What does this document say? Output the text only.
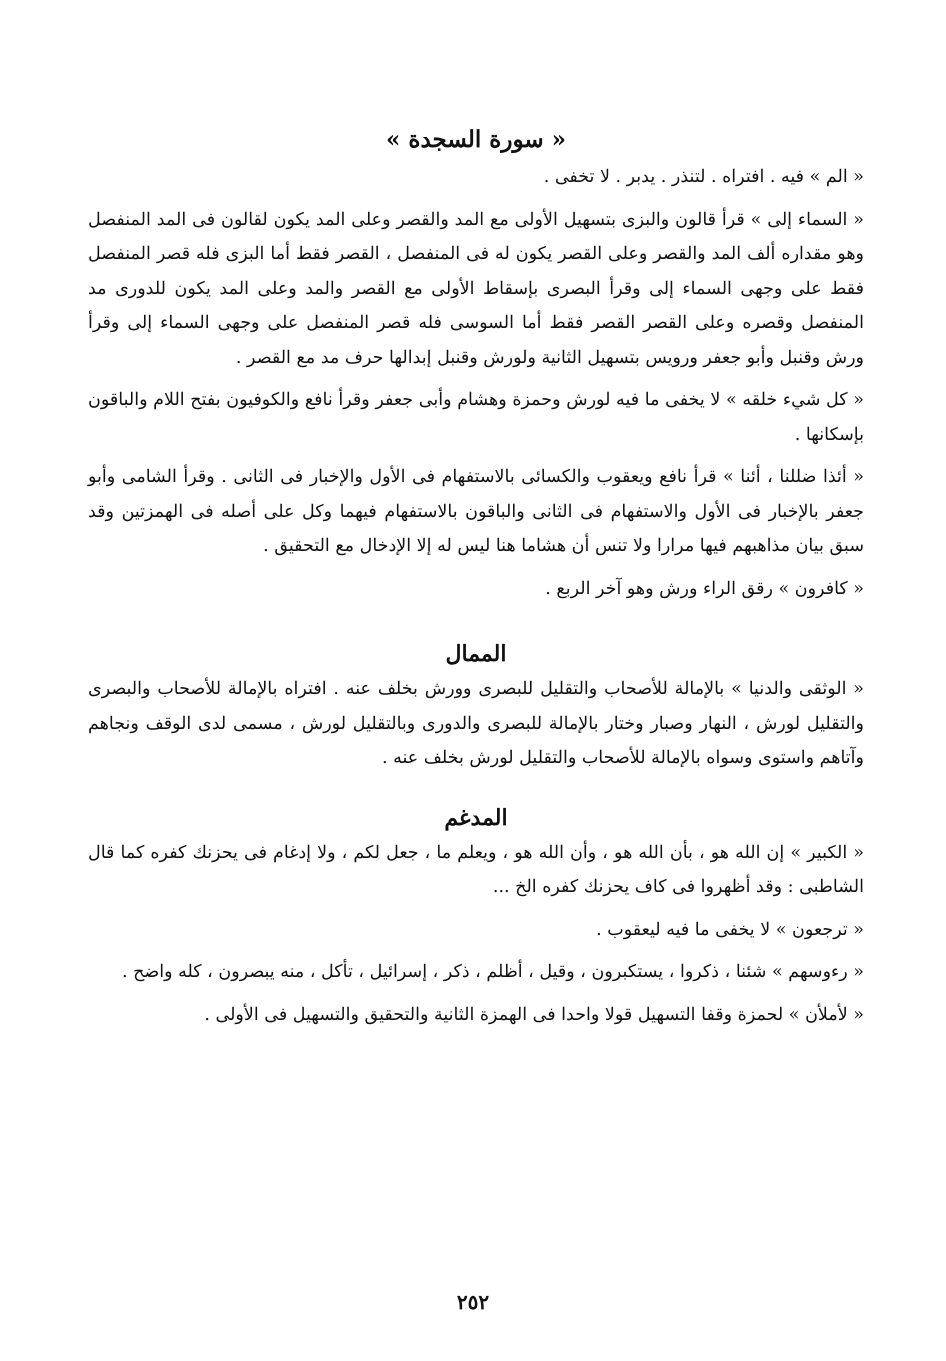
« سورة السجدة »

« الم » فيه . افتراه . لتنذر . يدبر . لا تخفى .

« السماء إلى » قرأ قالون والبزى بتسهيل الأولى مع المد والقصر وعلى المد يكون لقالون فى المد المنفصل وهو مقداره ألف المد والقصر وعلى القصر يكون له فى المنفصل ، القصر فقط أما البزى فله قصر المنفصل فقط على وجهى السماء إلى وقرأ البصرى بإسقاط الأولى مع القصر والمد وعلى المد يكون للدورى مد المنفصل وقصره وعلى القصر القصر فقط أما السوسى فله قصر المنفصل على وجهى السماء إلى وقرأ ورش وقنبل وأبو جعفر ورويس بتسهيل الثانية ولورش وقنبل إبدالها حرف مد مع القصر .

« كل شيء خلقه » لا يخفى ما فيه لورش وحمزة وهشام وأبى جعفر وقرأ نافع والكوفيون بفتح اللام والباقون بإسكانها .

« أئذا ضللنا ، أئنا » قرأ نافع ويعقوب والكسائى بالاستفهام فى الأول والإخبار فى الثانى . وقرأ الشامى وأبو جعفر بالإخبار فى الأول والاستفهام فى الثانى والباقون بالاستفهام فيهما وكل على أصله فى الهمزتين وقد سبق بيان مذاهبهم فيها مرارا ولا تنس أن هشاما هنا ليس له إلا الإدخال مع التحقيق .

« كافرون » رقق الراء ورش وهو آخر الربع .

الممال

« الوثقى والدنيا » بالإمالة للأصحاب والتقليل للبصرى وورش بخلف عنه . افتراه بالإمالة للأصحاب والبصرى والتقليل لورش ، النهار وصبار وختار بالإمالة للبصرى والدورى وبالتقليل لورش ، مسمى لدى الوقف ونجاهم وآتاهم واستوى وسواه بالإمالة للأصحاب والتقليل لورش بخلف عنه .

المدغم

« الكبير » إن الله هو ، بأن الله هو ، وأن الله هو ، ويعلم ما ، جعل لكم ، ولا إدغام فى يحزنك كفره كما قال الشاطبى : وقد أظهروا فى كاف يحزنك كفره الخ ...

« ترجعون » لا يخفى ما فيه ليعقوب .

« رءوسهم » شئنا ، ذكروا ، يستكبرون ، وقيل ، أظلم ، ذكر ، إسرائيل ، تأكل ، منه يبصرون ، كله واضح .

« لأملأن » لحمزة وقفا التسهيل قولا واحدا فى الهمزة الثانية والتحقيق والتسهيل فى الأولى .

٢٥٢
